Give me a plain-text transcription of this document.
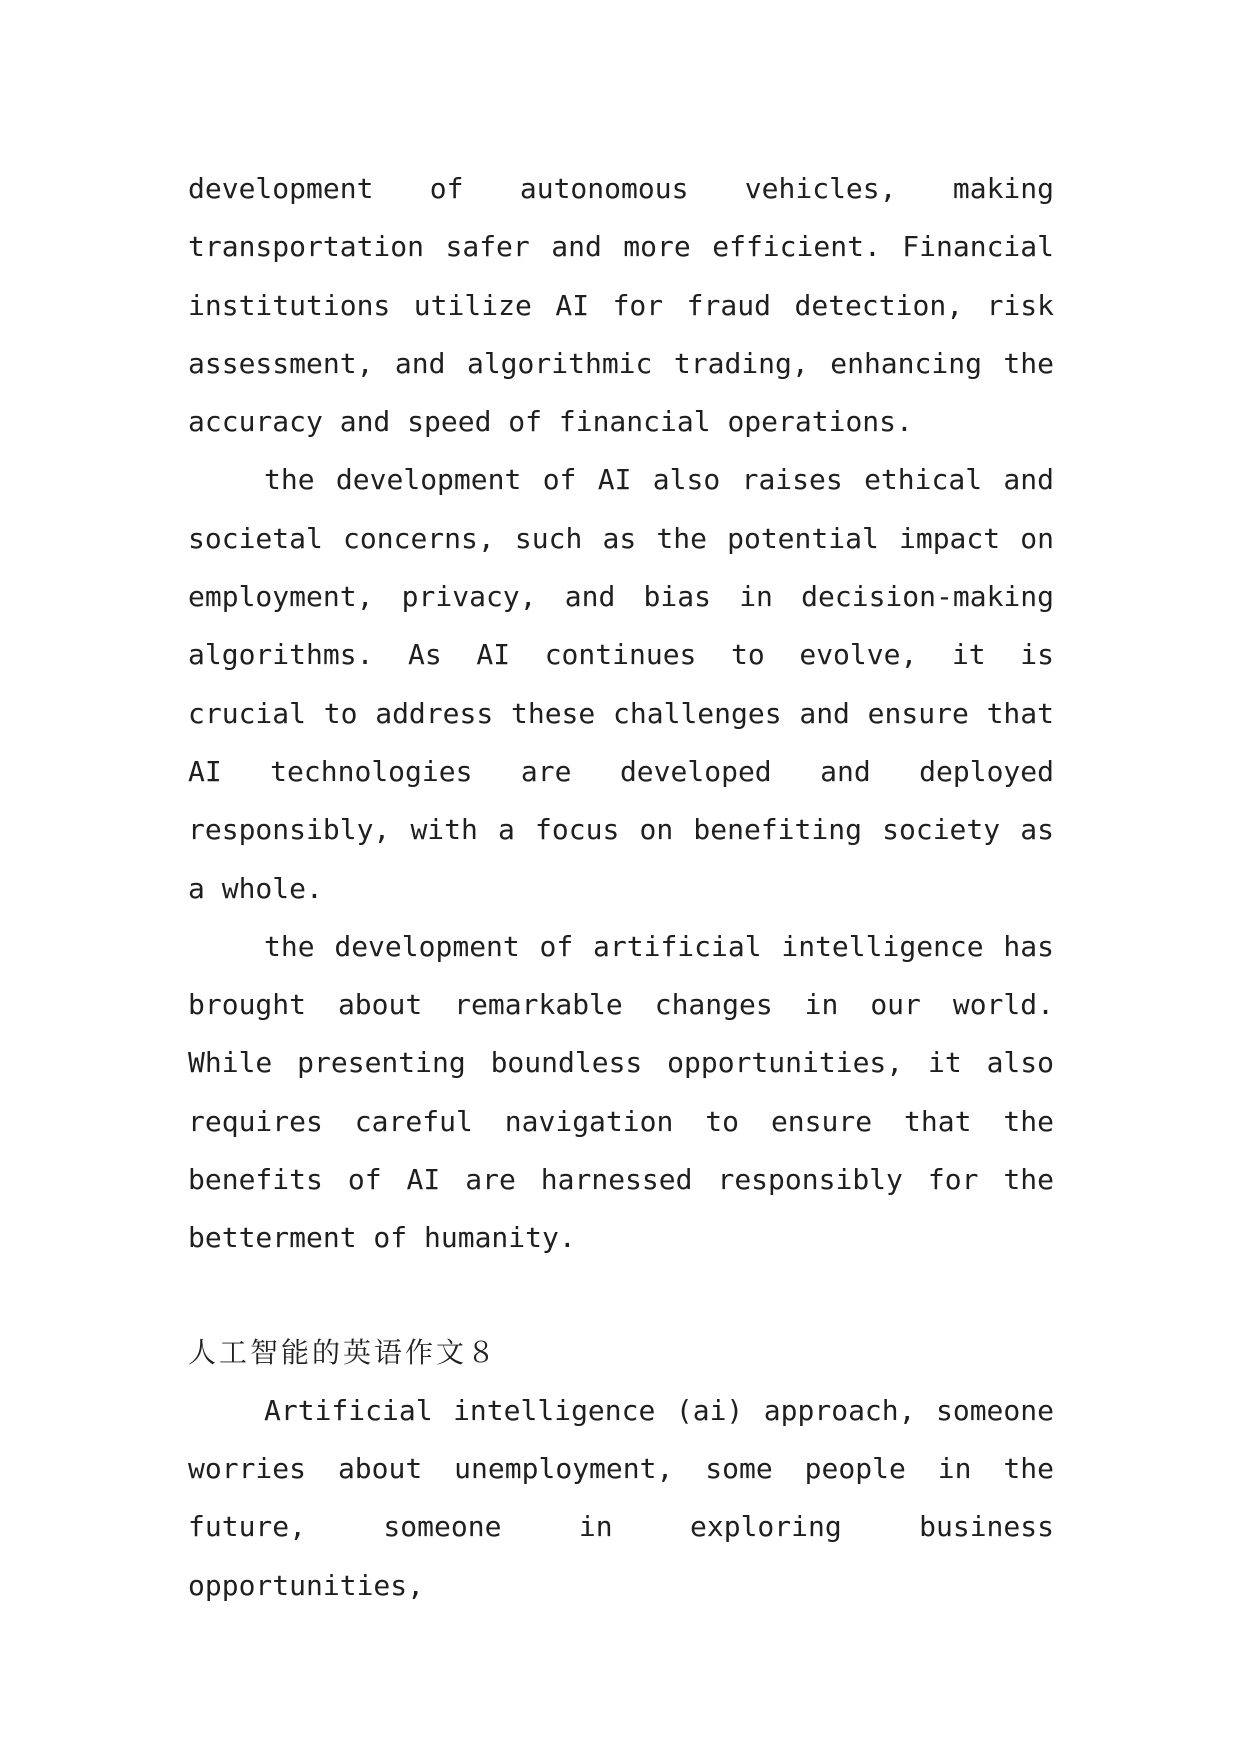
development of autonomous vehicles, making transportation safer and more efficient. Financial institutions utilize AI for fraud detection, risk assessment, and algorithmic trading, enhancing the accuracy and speed of financial operations.

the development of AI also raises ethical and societal concerns, such as the potential impact on employment, privacy, and bias in decision-making algorithms. As AI continues to evolve, it is crucial to address these challenges and ensure that AI technologies are developed and deployed responsibly, with a focus on benefiting society as a whole.

the development of artificial intelligence has brought about remarkable changes in our world. While presenting boundless opportunities, it also requires careful navigation to ensure that the benefits of AI are harnessed responsibly for the betterment of humanity.

人工智能的英语作文８

Artificial intelligence (ai) approach, someone worries about unemployment, some people in the future, someone in exploring business opportunities,
